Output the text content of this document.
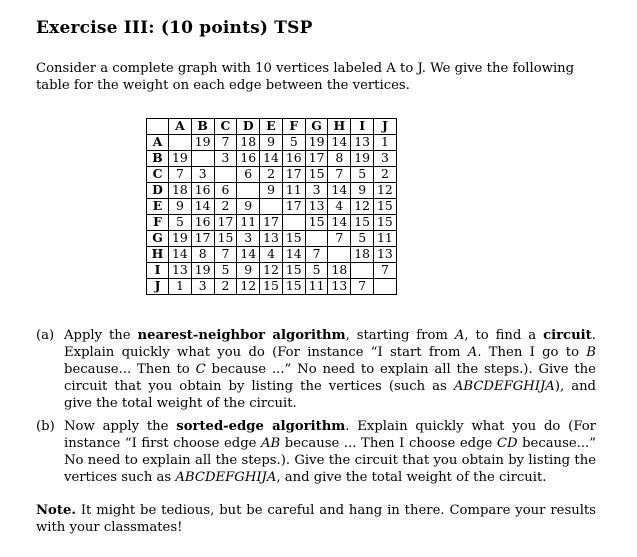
Exercise III: (10 points) TSP
Consider a complete graph with 10 vertices labeled A to J. We give the following table for the weight on each edge between the vertices.
	A	B	C	D	E	F	G	H	I	J
A		19	7	18	9	5	19	14	13	1
B	19		3	16	14	16	17	8	19	3
C	7	3		6	2	17	15	7	5	2
D	18	16	6		9	11	3	14	9	12
E	9	14	2	9		17	13	4	12	15
F	5	16	17	11	17		15	14	15	15
G	19	17	15	3	13	15		7	5	11
H	14	8	7	14	4	14	7		18	13
I	13	19	5	9	12	15	5	18		7
J	1	3	2	12	15	15	11	13	7	
(a) Apply the nearest-neighbor algorithm, starting from A, to find a circuit. Explain quickly what you do (For instance “I start from A. Then I go to B because... Then to C because ...” No need to explain all the steps.). Give the circuit that you obtain by listing the vertices (such as ABCDEFGHIJA), and give the total weight of the circuit.
(b) Now apply the sorted-edge algorithm. Explain quickly what you do (For instance “I first choose edge AB because ... Then I choose edge CD because...” No need to explain all the steps.). Give the circuit that you obtain by listing the vertices such as ABCDEFGHIJA, and give the total weight of the circuit.
Note. It might be tedious, but be careful and hang in there. Compare your results with your classmates!
